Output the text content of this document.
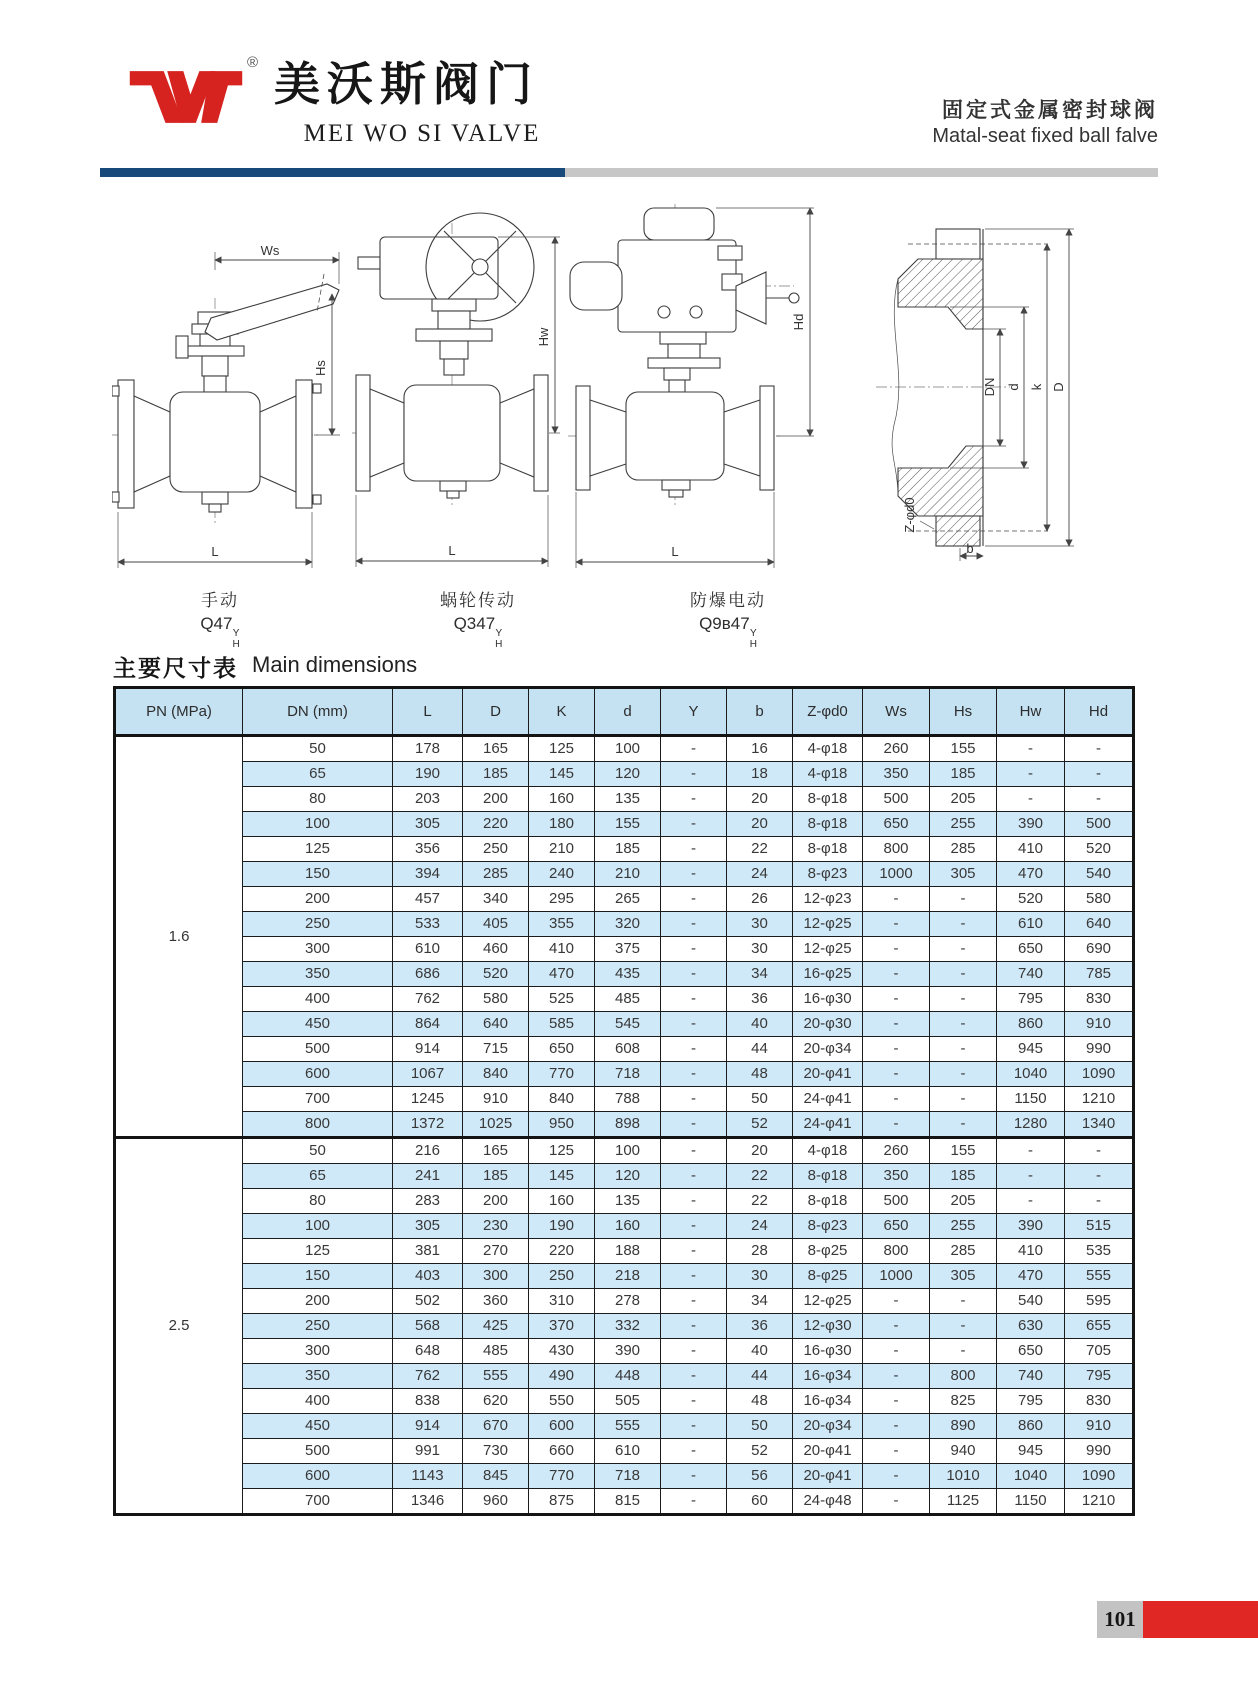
® 美沃斯阀门
MEI WO SI VALVE
固定式金属密封球阀
Matal-seat fixed ball falve
Ws
Hs
L
Hw
L
Hd
L
DN d k D
Z-φd0
b
手动
Q47
Y
H
蜗轮传动
Q347
Y
H
防爆电动
Q9в47
Y
H
主要尺寸表 Main dimensions
PN (MPa)	DN (mm)	L	D	K	d	Y	b	Z-φd0	Ws	Hs	Hw	Hd
1.6	50	178	165	125	100	-	16	4-φ18	260	155	-	-
	65	190	185	145	120	-	18	4-φ18	350	185	-	-
	80	203	200	160	135	-	20	8-φ18	500	205	-	-
	100	305	220	180	155	-	20	8-φ18	650	255	390	500
	125	356	250	210	185	-	22	8-φ18	800	285	410	520
	150	394	285	240	210	-	24	8-φ23	1000	305	470	540
	200	457	340	295	265	-	26	12-φ23	-	-	520	580
	250	533	405	355	320	-	30	12-φ25	-	-	610	640
	300	610	460	410	375	-	30	12-φ25	-	-	650	690
	350	686	520	470	435	-	34	16-φ25	-	-	740	785
	400	762	580	525	485	-	36	16-φ30	-	-	795	830
	450	864	640	585	545	-	40	20-φ30	-	-	860	910
	500	914	715	650	608	-	44	20-φ34	-	-	945	990
	600	1067	840	770	718	-	48	20-φ41	-	-	1040	1090
	700	1245	910	840	788	-	50	24-φ41	-	-	1150	1210
	800	1372	1025	950	898	-	52	24-φ41	-	-	1280	1340
2.5	50	216	165	125	100	-	20	4-φ18	260	155	-	-
	65	241	185	145	120	-	22	8-φ18	350	185	-	-
	80	283	200	160	135	-	22	8-φ18	500	205	-	-
	100	305	230	190	160	-	24	8-φ23	650	255	390	515
	125	381	270	220	188	-	28	8-φ25	800	285	410	535
	150	403	300	250	218	-	30	8-φ25	1000	305	470	555
	200	502	360	310	278	-	34	12-φ25	-	-	540	595
	250	568	425	370	332	-	36	12-φ30	-	-	630	655
	300	648	485	430	390	-	40	16-φ30	-	-	650	705
	350	762	555	490	448	-	44	16-φ34	-	800	740	795
	400	838	620	550	505	-	48	16-φ34	-	825	795	830
	450	914	670	600	555	-	50	20-φ34	-	890	860	910
	500	991	730	660	610	-	52	20-φ41	-	940	945	990
	600	1143	845	770	718	-	56	20-φ41	-	1010	1040	1090
	700	1346	960	875	815	-	60	24-φ48	-	1125	1150	1210
101
